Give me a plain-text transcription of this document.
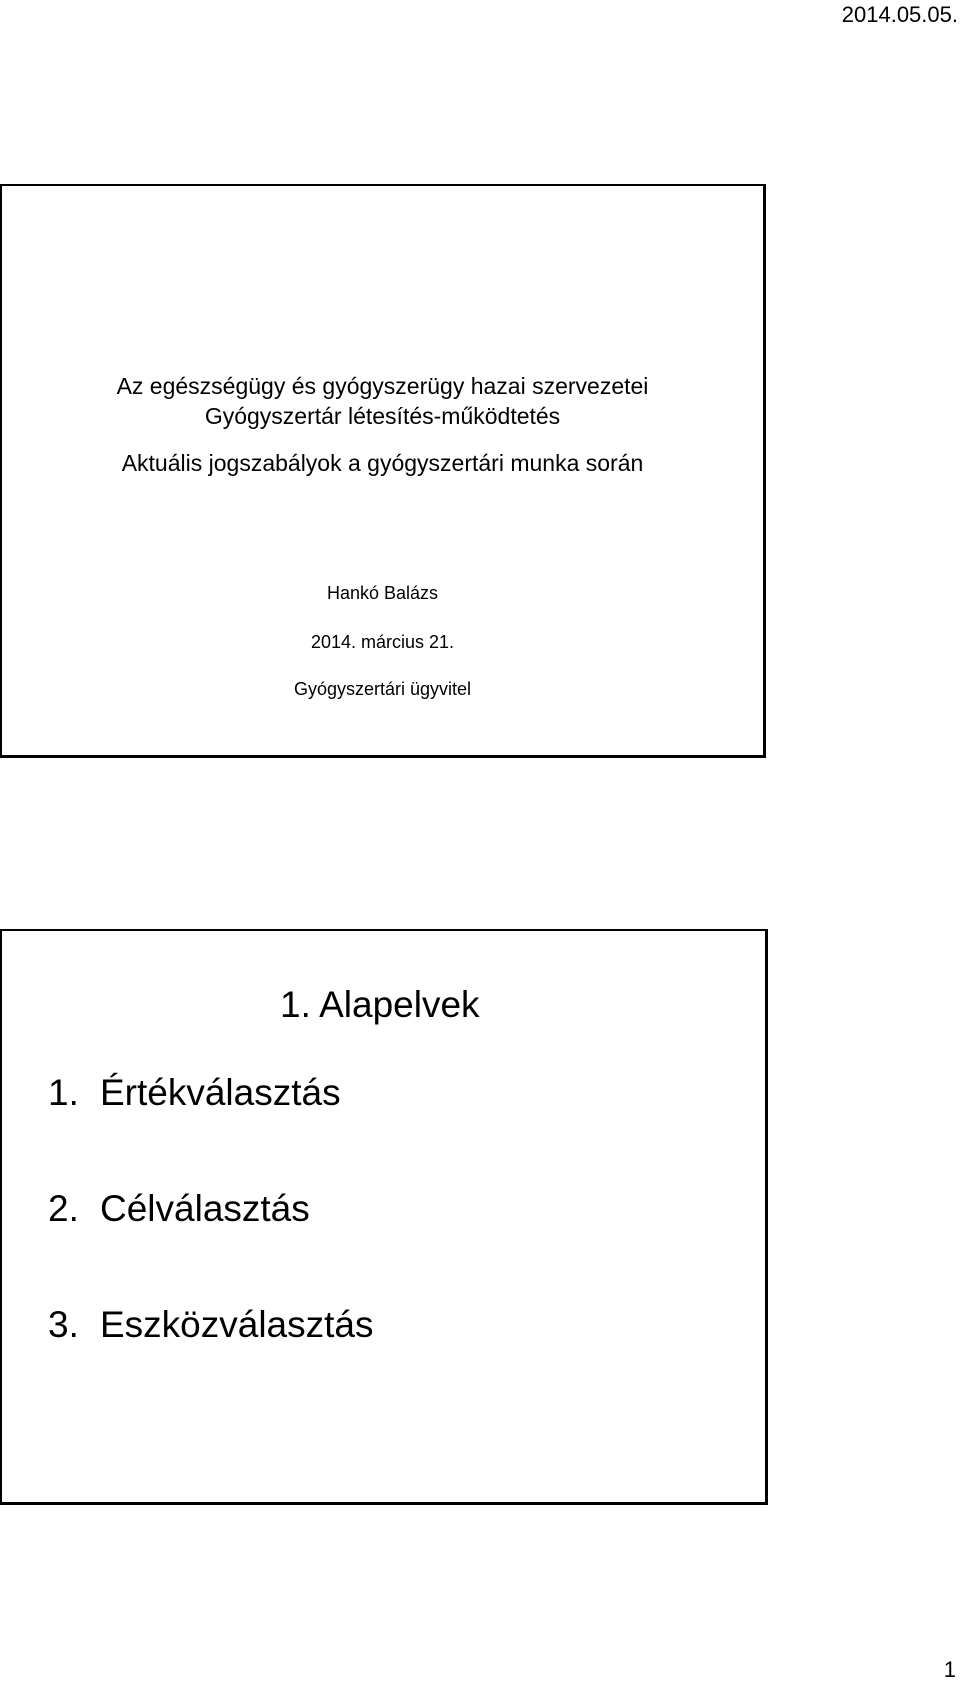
2014.05.05.
Az egészségügy és gyógyszerügy hazai szervezetei
Gyógyszertár létesítés-működtetés
Aktuális jogszabályok a gyógyszertári munka során
Hankó Balázs
2014. március 21.
Gyógyszertári ügyvitel
1. Alapelvek
1. Értékválasztás
2. Célválasztás
3. Eszközválasztás
1
